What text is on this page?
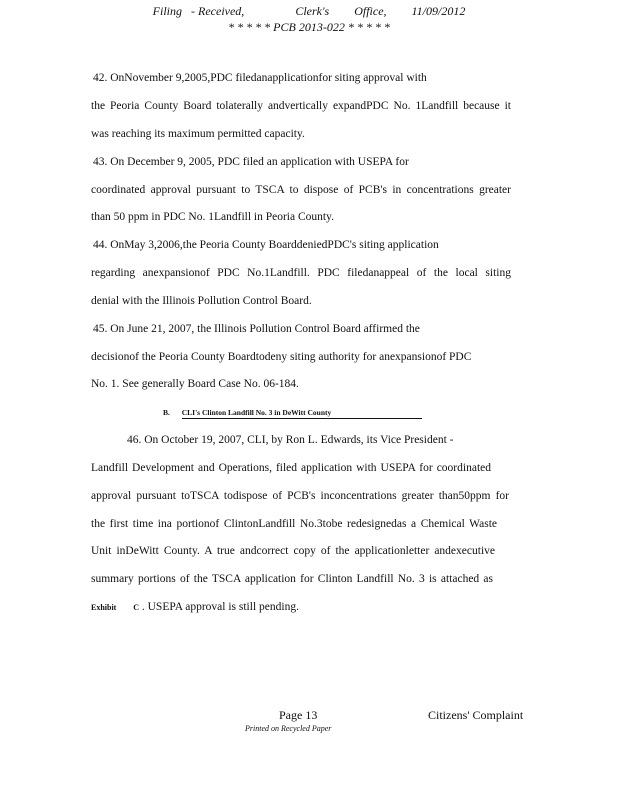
Filing - Received,	Clerk's Office, 11/09/2012
* * * * * PCB 2013-022 * * * * *
42. OnNovember 9,2005,PDC filedanapplicationfor siting approval with
the Peoria County Board tolaterally andvertically expandPDC No. 1Landfill because it
was reaching its maximum permitted capacity.
43. On December 9, 2005, PDC filed an application with USEPA for
coordinated approval pursuant to TSCA to dispose of PCB's in concentrations greater
than 50 ppm in PDC No. 1Landfill in Peoria County.
44. OnMay 3,2006,the Peoria County BoarddeniedPDC's siting application
regarding anexpansionof PDC No.1Landfill. PDC filedanappeal of the local siting
denial with the Illinois Pollution Control Board.
45. On June 21, 2007, the Illinois Pollution Control Board affirmed the
decisionof the Peoria County Boardtodeny siting authority for anexpansionof PDC
No. 1. See generally Board Case No. 06-184.
B. CLI's Clinton Landfill No. 3 in DeWitt County
46. On October 19, 2007, CLI, by Ron L. Edwards, its Vice President -
Landfill Development and Operations, filed application with USEPA for coordinated
approval pursuant toTSCA todispose of PCB's inconcentrations greater than50ppm for
the first time ina portionof ClintonLandfill No.3tobe redesignedas a Chemical Waste
Unit inDeWitt County. A true andcorrect copy of the applicationletter andexecutive
summary portions of the TSCA application for Clinton Landfill No. 3 is attached as
Exhibit C . USEPA approval is still pending.
Page 13	Citizens' Complaint
Printed on Recycled Paper
